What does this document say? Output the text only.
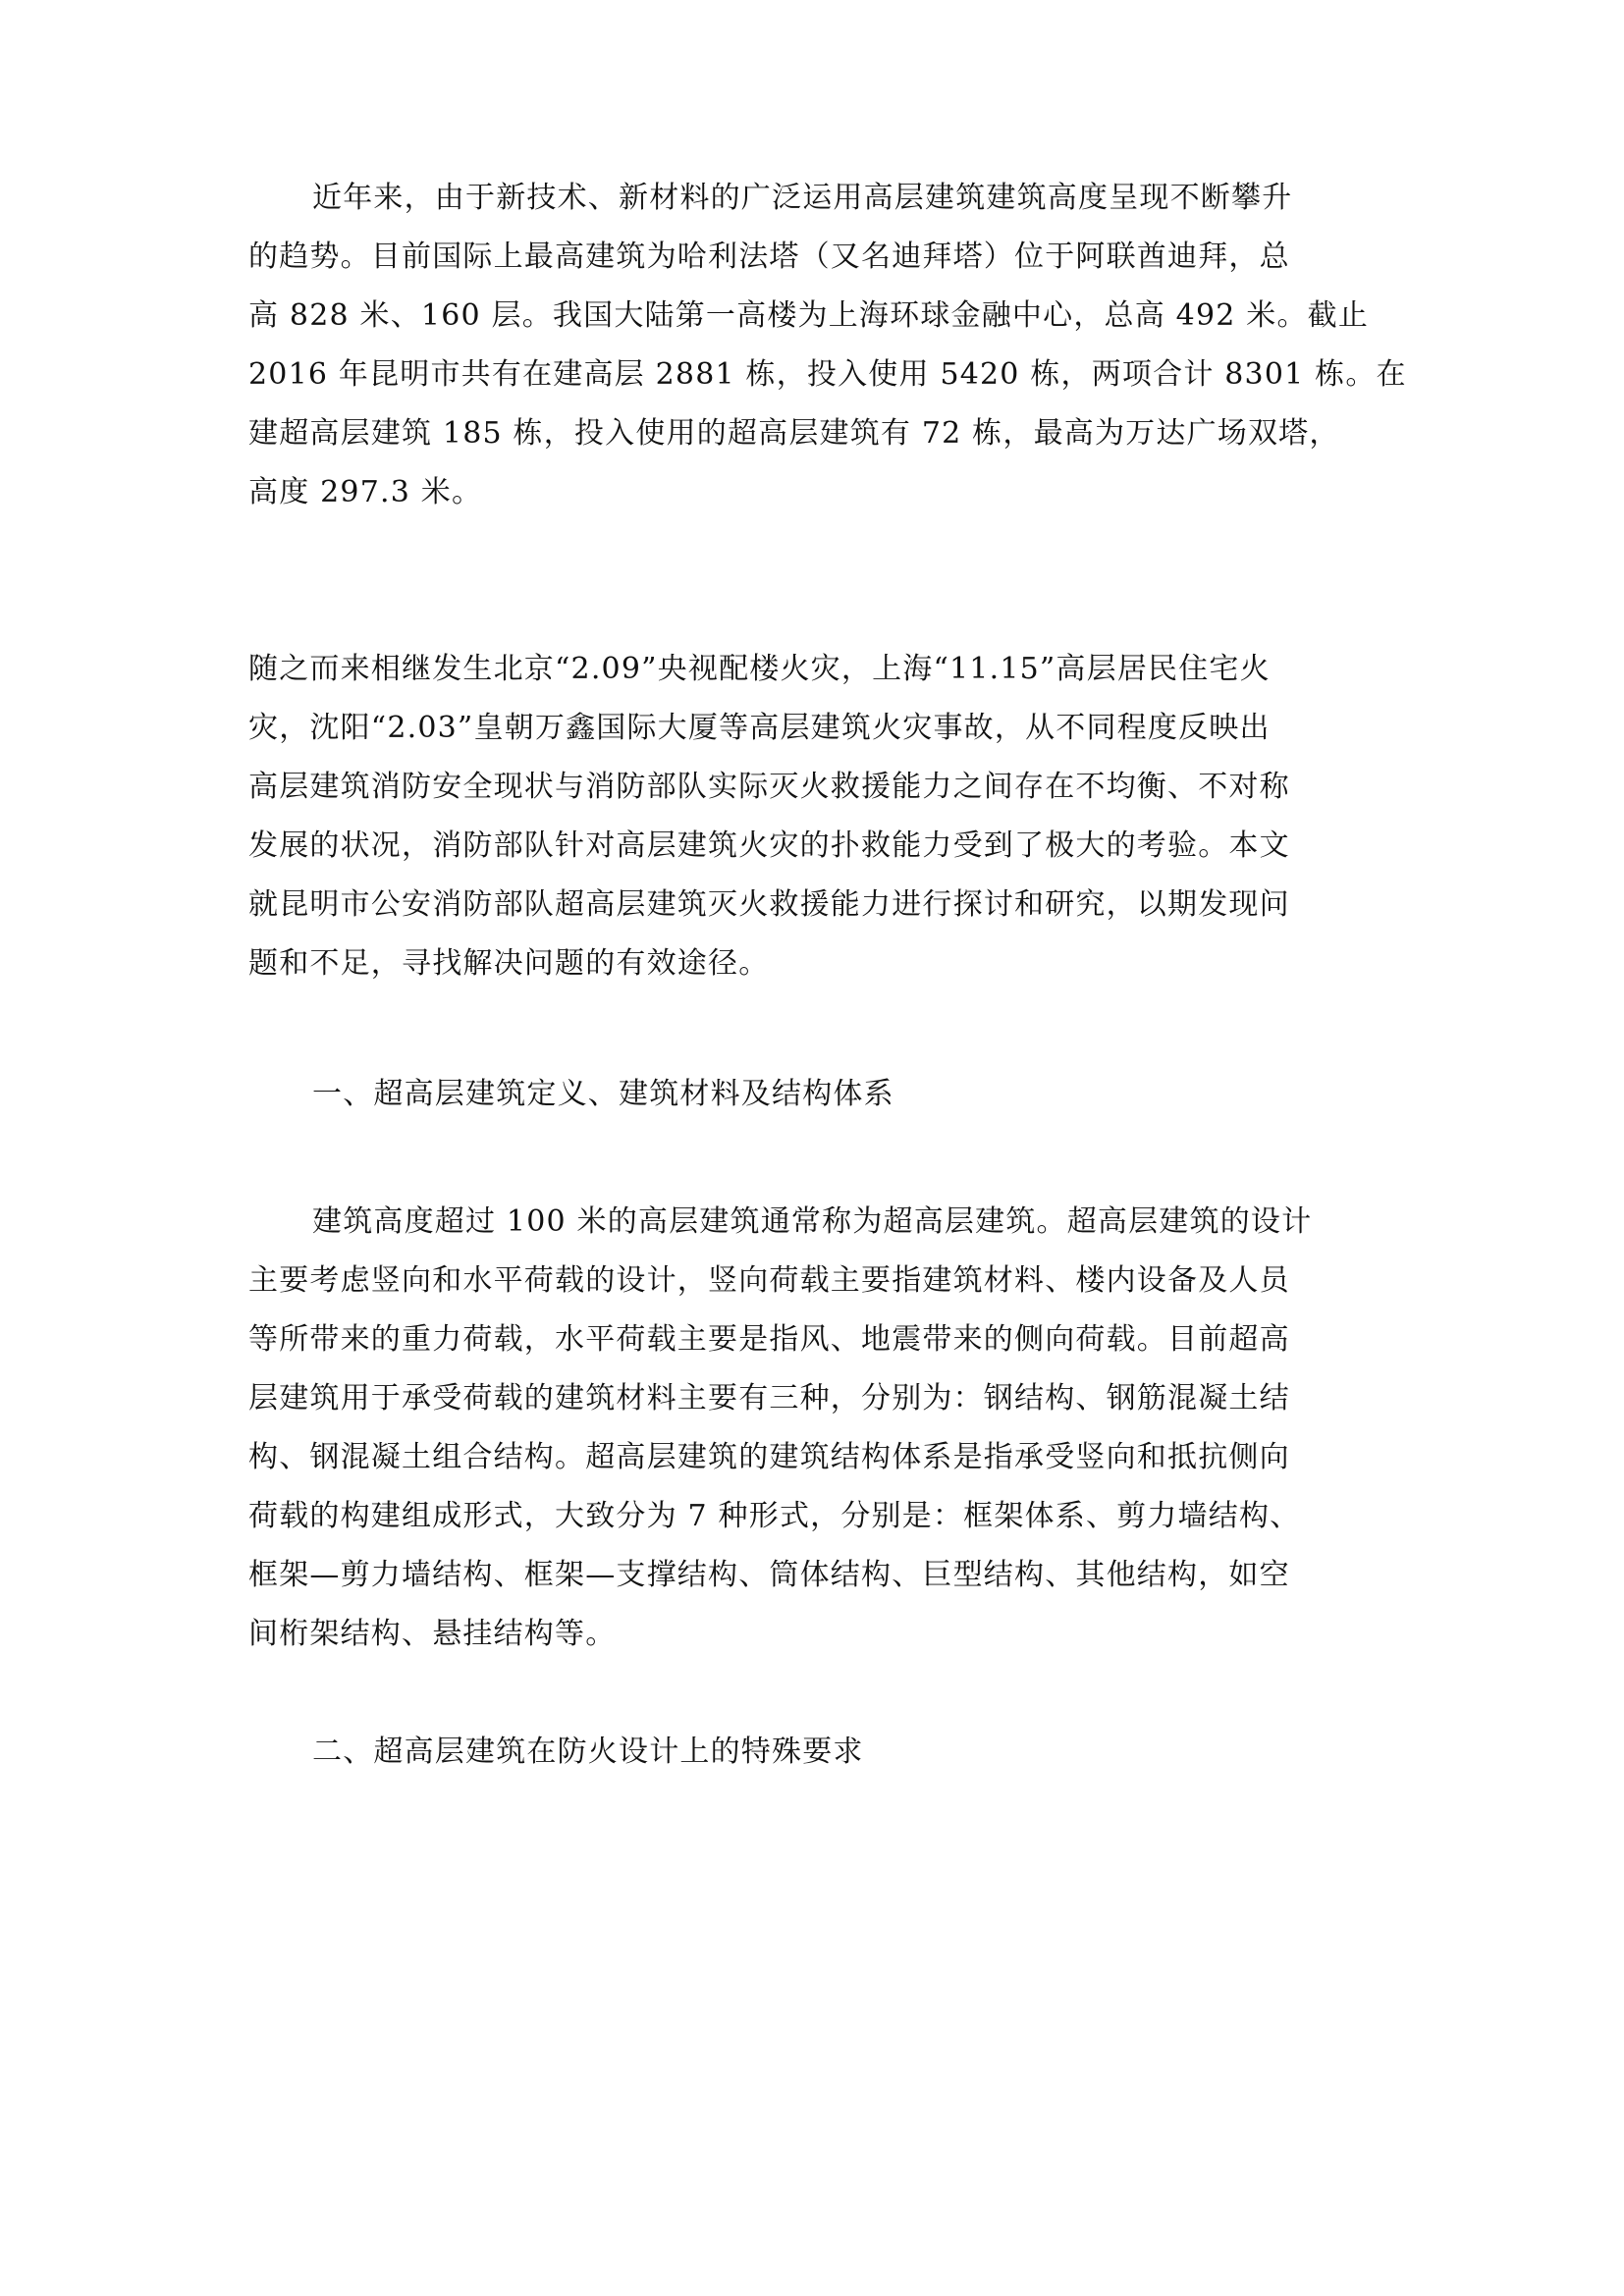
近年来，由于新技术、新材料的广泛运用高层建筑建筑高度呈现不断攀升
的趋势。目前国际上最高建筑为哈利法塔（又名迪拜塔）位于阿联酋迪拜，总
高 828 米、160 层。我国大陆第一高楼为上海环球金融中心，总高 492 米。截止
2016 年昆明市共有在建高层 2881 栋，投入使用 5420 栋，两项合计 8301 栋。在
建超高层建筑 185 栋，投入使用的超高层建筑有 72 栋，最高为万达广场双塔，
高度 297.3 米。
随之而来相继发生北京“2.09”央视配楼火灾，上海“11.15”高层居民住宅火
灾，沈阳“2.03”皇朝万鑫国际大厦等高层建筑火灾事故，从不同程度反映出
高层建筑消防安全现状与消防部队实际灭火救援能力之间存在不均衡、不对称
发展的状况，消防部队针对高层建筑火灾的扑救能力受到了极大的考验。本文
就昆明市公安消防部队超高层建筑灭火救援能力进行探讨和研究，以期发现问
题和不足，寻找解决问题的有效途径。
一、超高层建筑定义、建筑材料及结构体系
建筑高度超过 100 米的高层建筑通常称为超高层建筑。超高层建筑的设计
主要考虑竖向和水平荷载的设计，竖向荷载主要指建筑材料、楼内设备及人员
等所带来的重力荷载，水平荷载主要是指风、地震带来的侧向荷载。目前超高
层建筑用于承受荷载的建筑材料主要有三种，分别为：钢结构、钢筋混凝土结
构、钢混凝土组合结构。超高层建筑的建筑结构体系是指承受竖向和抵抗侧向
荷载的构建组成形式，大致分为 7 种形式，分别是：框架体系、剪力墙结构、
框架—剪力墙结构、框架—支撑结构、筒体结构、巨型结构、其他结构，如空
间桁架结构、悬挂结构等。
二、超高层建筑在防火设计上的特殊要求
